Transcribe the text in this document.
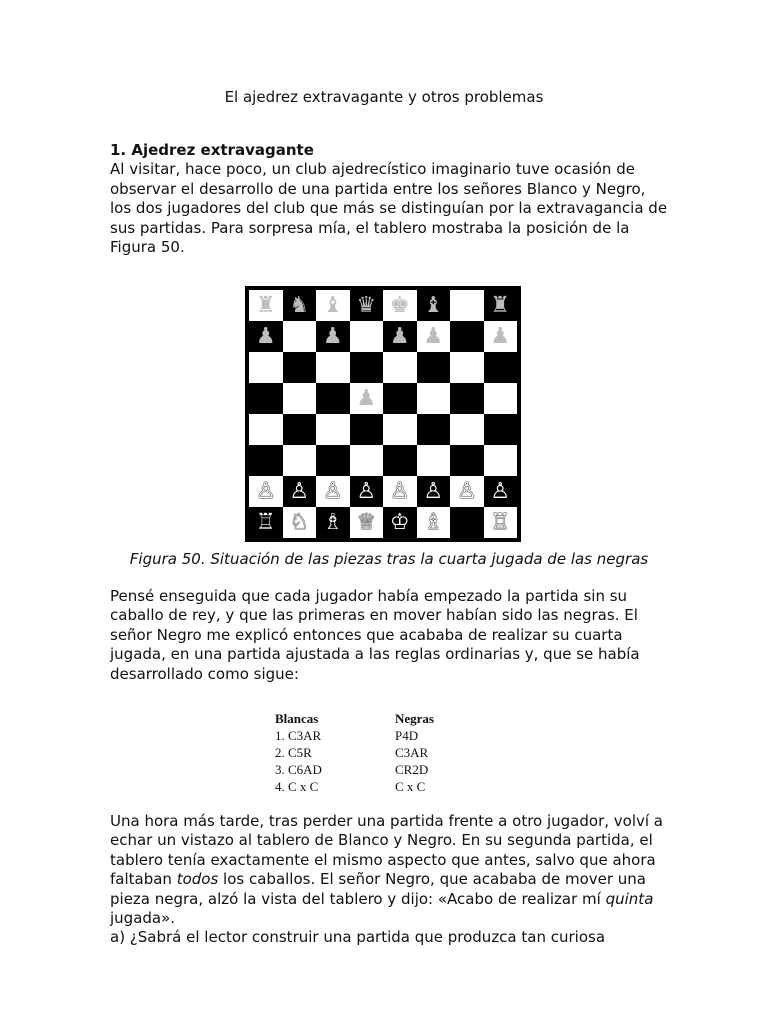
El ajedrez extravagante y otros problemas

1. Ajedrez extravagante

Al visitar, hace poco, un club ajedrecístico imaginario tuve ocasión de observar el desarrollo de una partida entre los señores Blanco y Negro, los dos jugadores del club que más se distinguían por la extravagancia de sus partidas. Para sorpresa mía, el tablero mostraba la posición de la Figura 50.

♜ ♞ ♝ ♛ ♚ ♝ ♜
♟ ♟ ♟ ♟ ♟
♟
♙ ♙ ♙ ♙ ♙ ♙ ♙ ♙
♖ ♘ ♗ ♕ ♔ ♗ ♖
Figura 50. Situación de las piezas tras la cuarta jugada de las negras
Pensé enseguida que cada jugador había empezado la partida sin su caballo de rey, y que las primeras en mover habían sido las negras. El señor Negro me explicó entonces que acababa de realizar su cuarta jugada, en una partida ajustada a las reglas ordinarias y, que se había desarrollado como sigue:
Blancas	Negras
1. C3AR	P4D
2. C5R	C3AR
3. C6AD	CR2D
4. C x C	C x C

Una hora más tarde, tras perder una partida frente a otro jugador, volví a echar un vistazo al tablero de Blanco y Negro. En su segunda partida, el tablero tenía exactamente el mismo aspecto que antes, salvo que ahora faltaban todos los caballos. El señor Negro, que acababa de mover una pieza negra, alzó la vista del tablero y dijo: «Acabo de realizar mí quinta jugada».

a) ¿Sabrá el lector construir una partida que produzca tan curiosa
